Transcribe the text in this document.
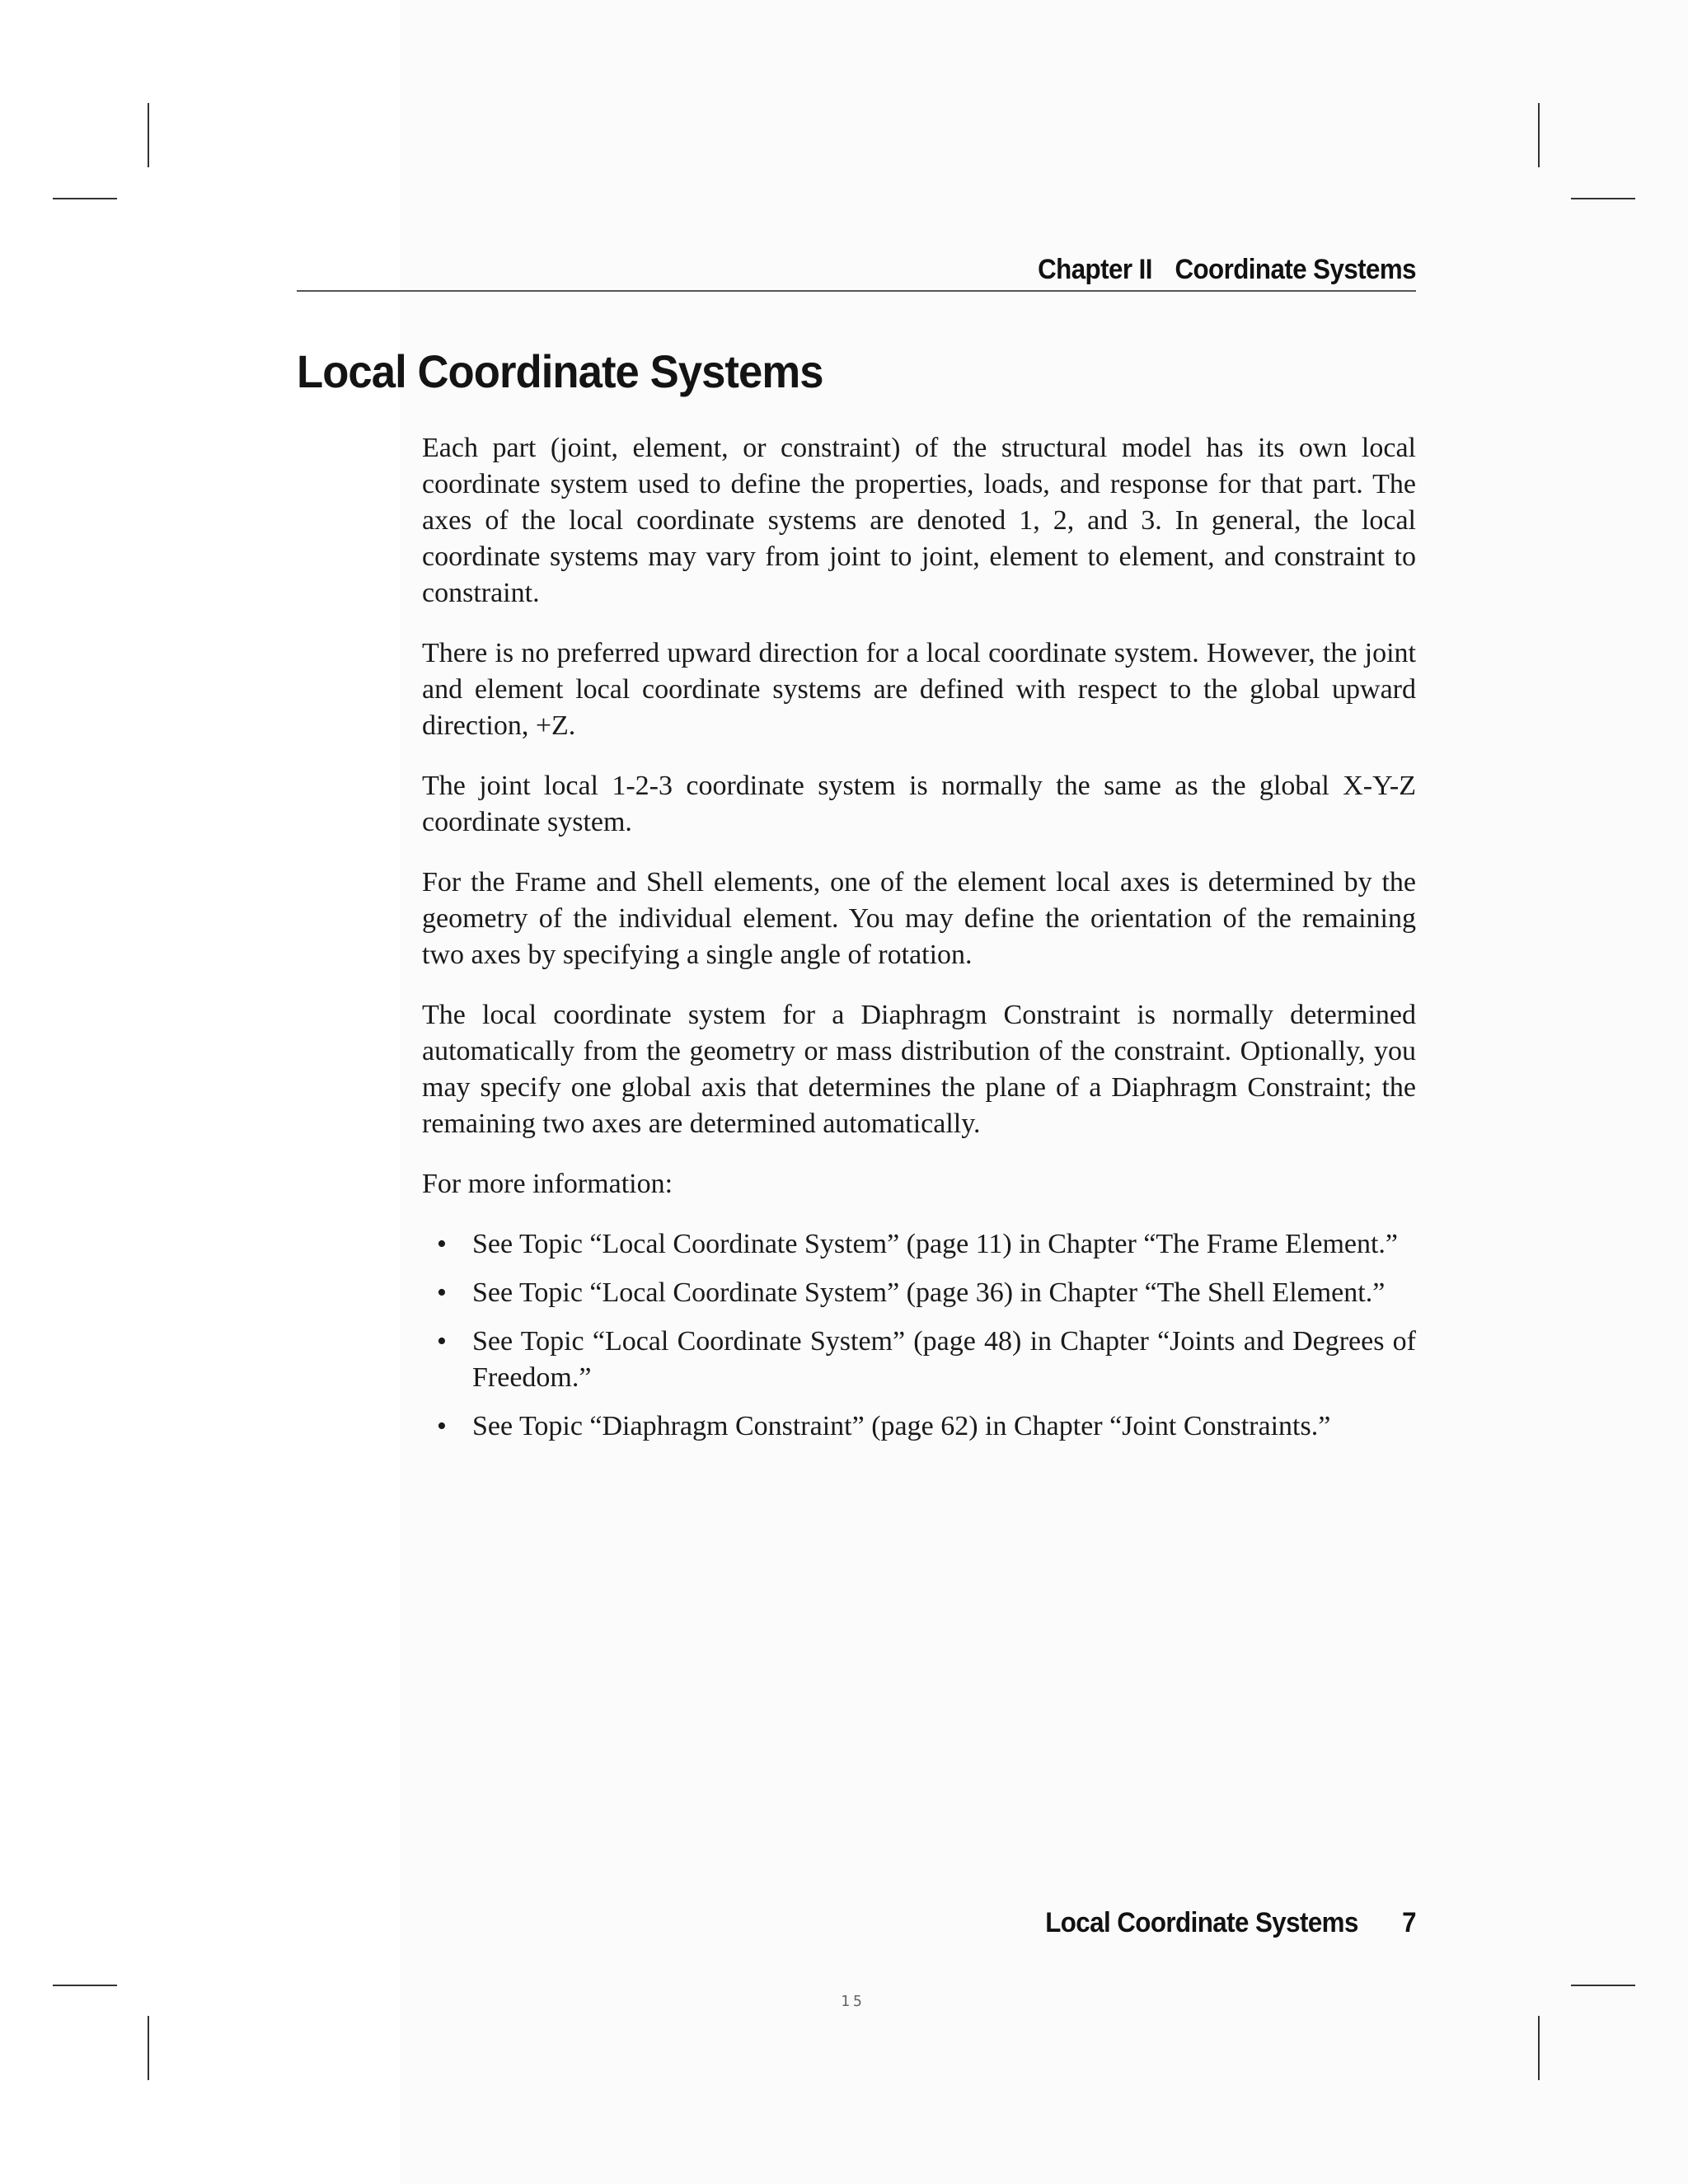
Chapter II Coordinate Systems
Local Coordinate Systems

Each part (joint, element, or constraint) of the structural model has its own local coordinate system used to define the properties, loads, and response for that part. The axes of the local coordinate systems are denoted 1, 2, and 3. In general, the local coordinate systems may vary from joint to joint, element to element, and constraint to constraint.

There is no preferred upward direction for a local coordinate system. However, the joint and element local coordinate systems are defined with respect to the global upward direction, +Z.

The joint local 1-2-3 coordinate system is normally the same as the global X-Y-Z coordinate system.

For the Frame and Shell elements, one of the element local axes is determined by the geometry of the individual element. You may define the orientation of the remaining two axes by specifying a single angle of rotation.

The local coordinate system for a Diaphragm Constraint is normally determined automatically from the geometry or mass distribution of the constraint. Optionally, you may specify one global axis that determines the plane of a Diaphragm Constraint; the remaining two axes are determined automatically.

For more information:

• See Topic “Local Coordinate System” (page 11) in Chapter “The Frame Element.”
• See Topic “Local Coordinate System” (page 36) in Chapter “The Shell Element.”
• See Topic “Local Coordinate System” (page 48) in Chapter “Joints and Degrees of Freedom.”
• See Topic “Diaphragm Constraint” (page 62) in Chapter “Joint Constraints.”
Local Coordinate Systems 7
15
